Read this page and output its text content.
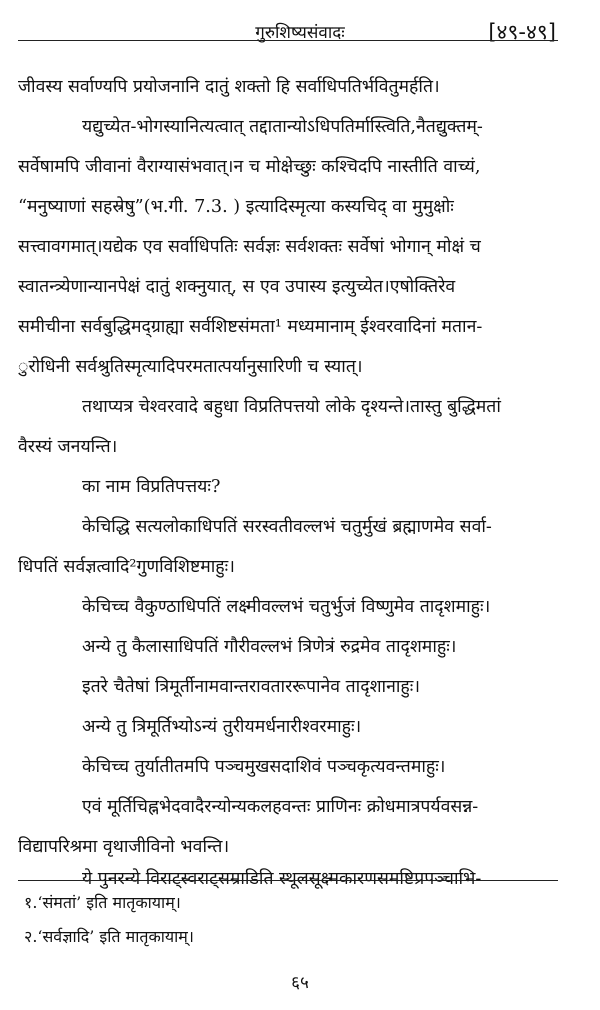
गुरुशिष्यसंवादः	[४९-४९]
जीवस्य सर्वाण्यपि प्रयोजनानि दातुं शक्तो हि सर्वाधिपतिर्भवितुमर्हति।
यद्युच्येत-भोगस्यानित्यत्वात् तद्दातान्योऽधिपतिर्मास्त्विति,नैतद्युक्तम्-
सर्वेषामपि जीवानां वैराग्यासंभवात्।न च मोक्षेच्छुः कश्चिदपि नास्तीति वाच्यं,
“मनुष्याणां सहस्रेषु”(भ.गी. 7.3. ) इत्यादिस्मृत्या कस्यचिद् वा मुमुक्षोः
सत्त्वावगमात्।यद्येक एव सर्वाधिपतिः सर्वज्ञः सर्वशक्तः सर्वेषां भोगान् मोक्षं च
स्वातन्त्र्येणान्यानपेक्षं दातुं शक्नुयात्, स एव उपास्य इत्युच्येत।एषोक्तिरेव
समीचीना सर्वबुद्धिमद्ग्राह्या सर्वशिष्टसंमता¹ मध्यमानाम् ईश्वरवादिनां मतान-
ुरोधिनी सर्वश्रुतिस्मृत्यादिपरमतात्पर्यानुसारिणी च स्यात्।
तथाप्यत्र चेश्वरवादे बहुधा विप्रतिपत्तयो लोके दृश्यन्ते।तास्तु बुद्धिमतां
वैरस्यं जनयन्ति।
का नाम विप्रतिपत्तयः?
केचिद्धि सत्यलोकाधिपतिं सरस्वतीवल्लभं चतुर्मुखं ब्रह्माणमेव सर्वा-
धिपतिं सर्वज्ञत्वादि²गुणविशिष्टमाहुः।
केचिच्च वैकुण्ठाधिपतिं लक्ष्मीवल्लभं चतुर्भुजं विष्णुमेव तादृशमाहुः।
अन्ये तु कैलासाधिपतिं गौरीवल्लभं त्रिणेत्रं रुद्रमेव तादृशमाहुः।
इतरे चैतेषां त्रिमूर्तीनामवान्तरावताररूपानेव तादृशानाहुः।
अन्ये तु त्रिमूर्तिभ्योऽन्यं तुरीयमर्धनारीश्वरमाहुः।
केचिच्च तुर्यातीतमपि पञ्चमुखसदाशिवं पञ्चकृत्यवन्तमाहुः।
एवं मूर्तिचिह्नभेदवादैरन्योन्यकलहवन्तः प्राणिनः क्रोधमात्रपर्यवसन्न-
विद्यापरिश्रमा वृथाजीविनो भवन्ति।
ये पुनरन्ये विराट्स्वराट्सम्राडिति स्थूलसूक्ष्मकारणसमष्टिप्रपञ्चाभि-
१.‘संमतां’ इति मातृकायाम्।
२.‘सर्वज्ञादि’ इति मातृकायाम्।
६५
